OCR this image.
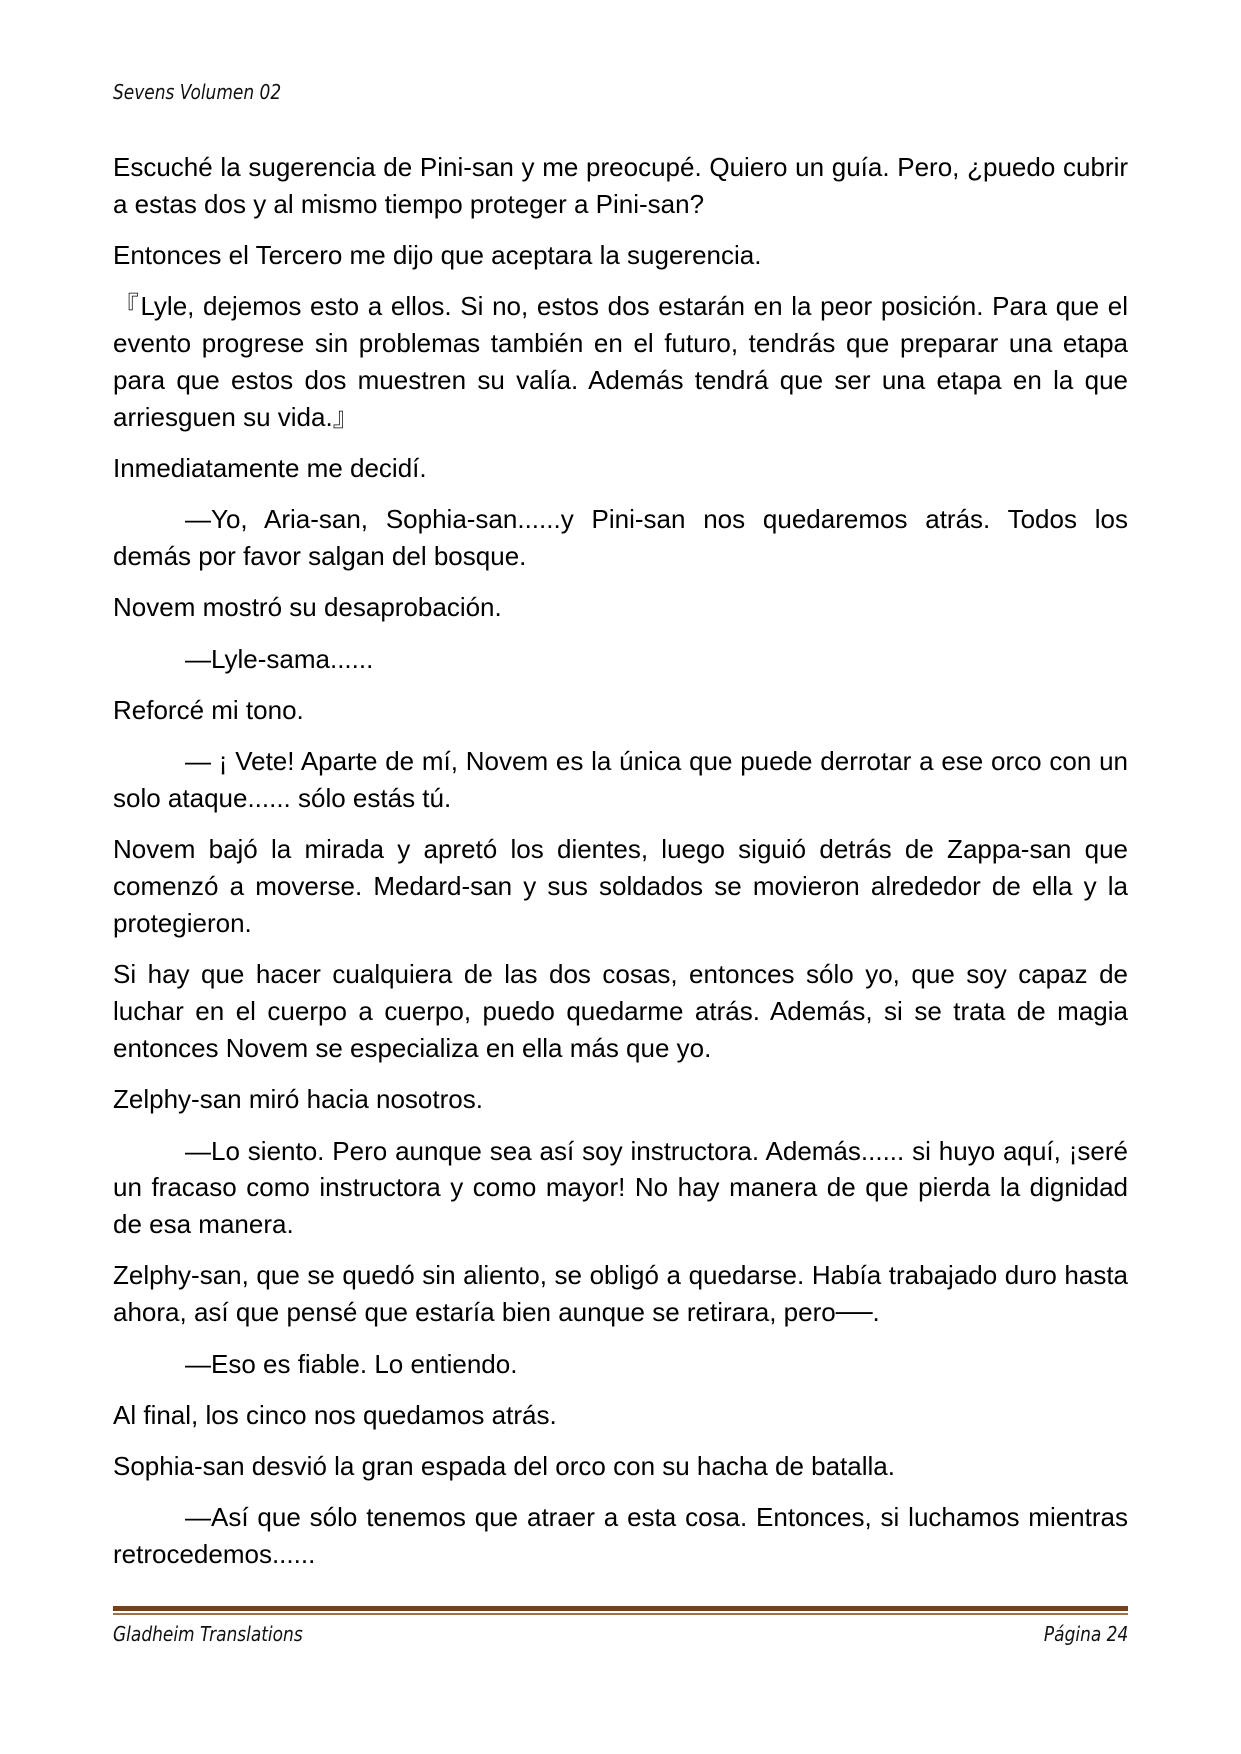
Sevens Volumen 02

Escuché la sugerencia de Pini-san y me preocupé. Quiero un guía. Pero, ¿puedo cubrir a estas dos y al mismo tiempo proteger a Pini-san?

Entonces el Tercero me dijo que aceptara la sugerencia.

『Lyle, dejemos esto a ellos. Si no, estos dos estarán en la peor posición. Para que el evento progrese sin problemas también en el futuro, tendrás que preparar una etapa para que estos dos muestren su valía. Además tendrá que ser una etapa en la que arriesguen su vida.』

Inmediatamente me decidí.

—Yo, Aria-san, Sophia-san......y Pini-san nos quedaremos atrás. Todos los demás por favor salgan del bosque.

Novem mostró su desaprobación.

—Lyle-sama......

Reforcé mi tono.

— ¡ Vete! Aparte de mí, Novem es la única que puede derrotar a ese orco con un solo ataque...... sólo estás tú.

Novem bajó la mirada y apretó los dientes, luego siguió detrás de Zappa-san que comenzó a moverse. Medard-san y sus soldados se movieron alrededor de ella y la protegieron.

Si hay que hacer cualquiera de las dos cosas, entonces sólo yo, que soy capaz de luchar en el cuerpo a cuerpo, puedo quedarme atrás. Además, si se trata de magia entonces Novem se especializa en ella más que yo.

Zelphy-san miró hacia nosotros.

—Lo siento. Pero aunque sea así soy instructora. Además...... si huyo aquí, ¡seré un fracaso como instructora y como mayor! No hay manera de que pierda la dignidad de esa manera.

Zelphy-san, que se quedó sin aliento, se obligó a quedarse. Había trabajado duro hasta ahora, así que pensé que estaría bien aunque se retirara, pero──.

—Eso es fiable. Lo entiendo.

Al final, los cinco nos quedamos atrás.

Sophia-san desvió la gran espada del orco con su hacha de batalla.

—Así que sólo tenemos que atraer a esta cosa. Entonces, si luchamos mientras retrocedemos......

Gladheim Translations	Página 24
